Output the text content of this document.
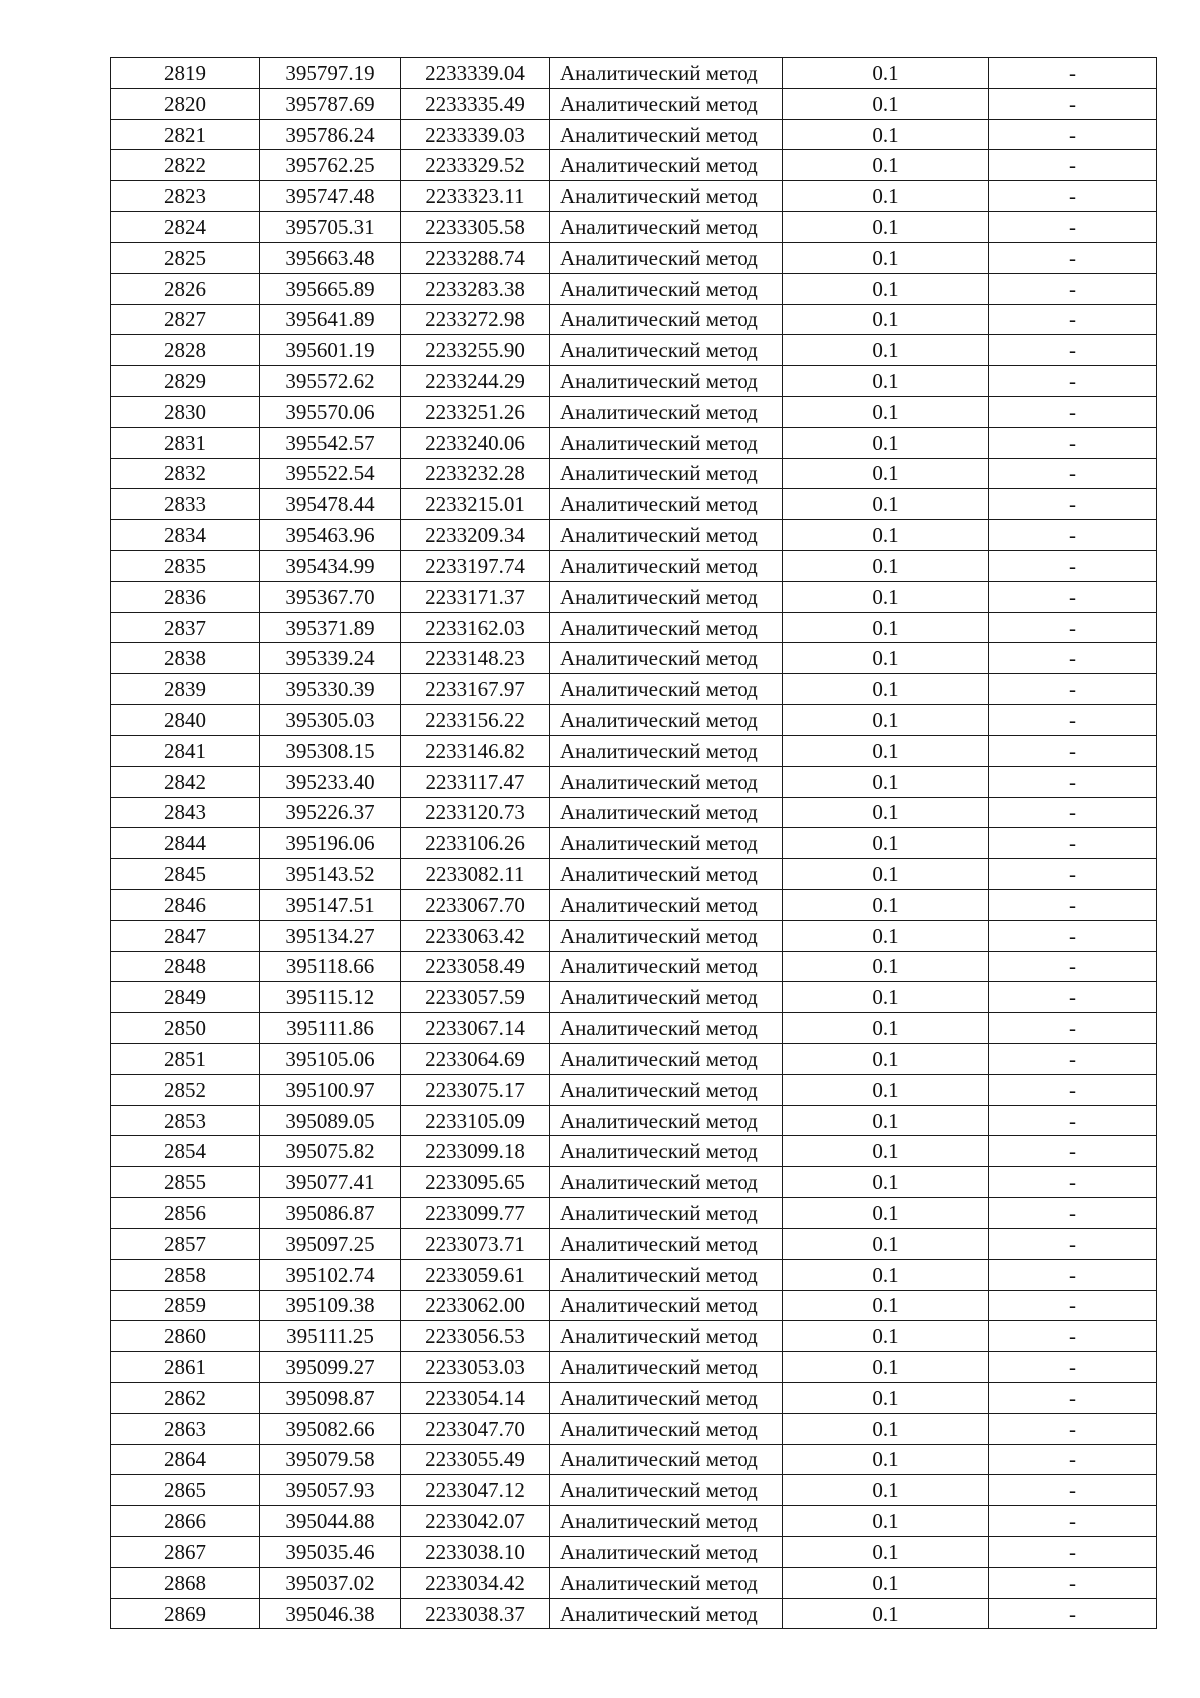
2819	395797.19	2233339.04	Аналитический метод	0.1	-
2820	395787.69	2233335.49	Аналитический метод	0.1	-
2821	395786.24	2233339.03	Аналитический метод	0.1	-
2822	395762.25	2233329.52	Аналитический метод	0.1	-
2823	395747.48	2233323.11	Аналитический метод	0.1	-
2824	395705.31	2233305.58	Аналитический метод	0.1	-
2825	395663.48	2233288.74	Аналитический метод	0.1	-
2826	395665.89	2233283.38	Аналитический метод	0.1	-
2827	395641.89	2233272.98	Аналитический метод	0.1	-
2828	395601.19	2233255.90	Аналитический метод	0.1	-
2829	395572.62	2233244.29	Аналитический метод	0.1	-
2830	395570.06	2233251.26	Аналитический метод	0.1	-
2831	395542.57	2233240.06	Аналитический метод	0.1	-
2832	395522.54	2233232.28	Аналитический метод	0.1	-
2833	395478.44	2233215.01	Аналитический метод	0.1	-
2834	395463.96	2233209.34	Аналитический метод	0.1	-
2835	395434.99	2233197.74	Аналитический метод	0.1	-
2836	395367.70	2233171.37	Аналитический метод	0.1	-
2837	395371.89	2233162.03	Аналитический метод	0.1	-
2838	395339.24	2233148.23	Аналитический метод	0.1	-
2839	395330.39	2233167.97	Аналитический метод	0.1	-
2840	395305.03	2233156.22	Аналитический метод	0.1	-
2841	395308.15	2233146.82	Аналитический метод	0.1	-
2842	395233.40	2233117.47	Аналитический метод	0.1	-
2843	395226.37	2233120.73	Аналитический метод	0.1	-
2844	395196.06	2233106.26	Аналитический метод	0.1	-
2845	395143.52	2233082.11	Аналитический метод	0.1	-
2846	395147.51	2233067.70	Аналитический метод	0.1	-
2847	395134.27	2233063.42	Аналитический метод	0.1	-
2848	395118.66	2233058.49	Аналитический метод	0.1	-
2849	395115.12	2233057.59	Аналитический метод	0.1	-
2850	395111.86	2233067.14	Аналитический метод	0.1	-
2851	395105.06	2233064.69	Аналитический метод	0.1	-
2852	395100.97	2233075.17	Аналитический метод	0.1	-
2853	395089.05	2233105.09	Аналитический метод	0.1	-
2854	395075.82	2233099.18	Аналитический метод	0.1	-
2855	395077.41	2233095.65	Аналитический метод	0.1	-
2856	395086.87	2233099.77	Аналитический метод	0.1	-
2857	395097.25	2233073.71	Аналитический метод	0.1	-
2858	395102.74	2233059.61	Аналитический метод	0.1	-
2859	395109.38	2233062.00	Аналитический метод	0.1	-
2860	395111.25	2233056.53	Аналитический метод	0.1	-
2861	395099.27	2233053.03	Аналитический метод	0.1	-
2862	395098.87	2233054.14	Аналитический метод	0.1	-
2863	395082.66	2233047.70	Аналитический метод	0.1	-
2864	395079.58	2233055.49	Аналитический метод	0.1	-
2865	395057.93	2233047.12	Аналитический метод	0.1	-
2866	395044.88	2233042.07	Аналитический метод	0.1	-
2867	395035.46	2233038.10	Аналитический метод	0.1	-
2868	395037.02	2233034.42	Аналитический метод	0.1	-
2869	395046.38	2233038.37	Аналитический метод	0.1	-
